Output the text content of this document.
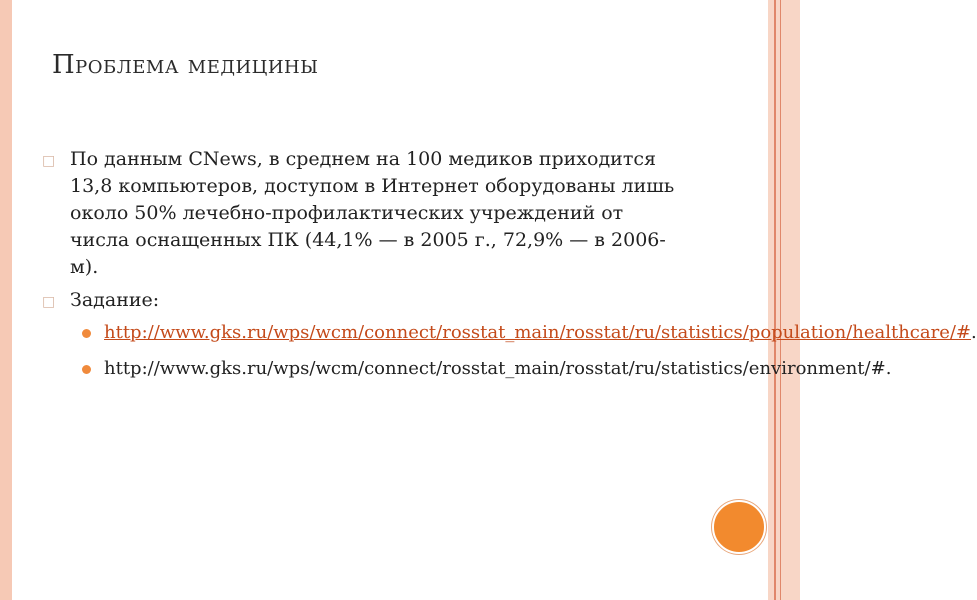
Проблема медицины
□ По данным CNews, в среднем на 100 медиков приходится 13,8 компьютеров, доступом в Интернет оборудованы лишь около 50% лечебно-профилактических учреждений от числа оснащенных ПК (44,1% — в 2005 г., 72,9% — в 2006-м).
□ Задание:
http://www.gks.ru/wps/wcm/connect/rosstat_main/rosstat/ru/statistics/population/healthcare/#.
http://www.gks.ru/wps/wcm/connect/rosstat_main/rosstat/ru/statistics/environment/#.
